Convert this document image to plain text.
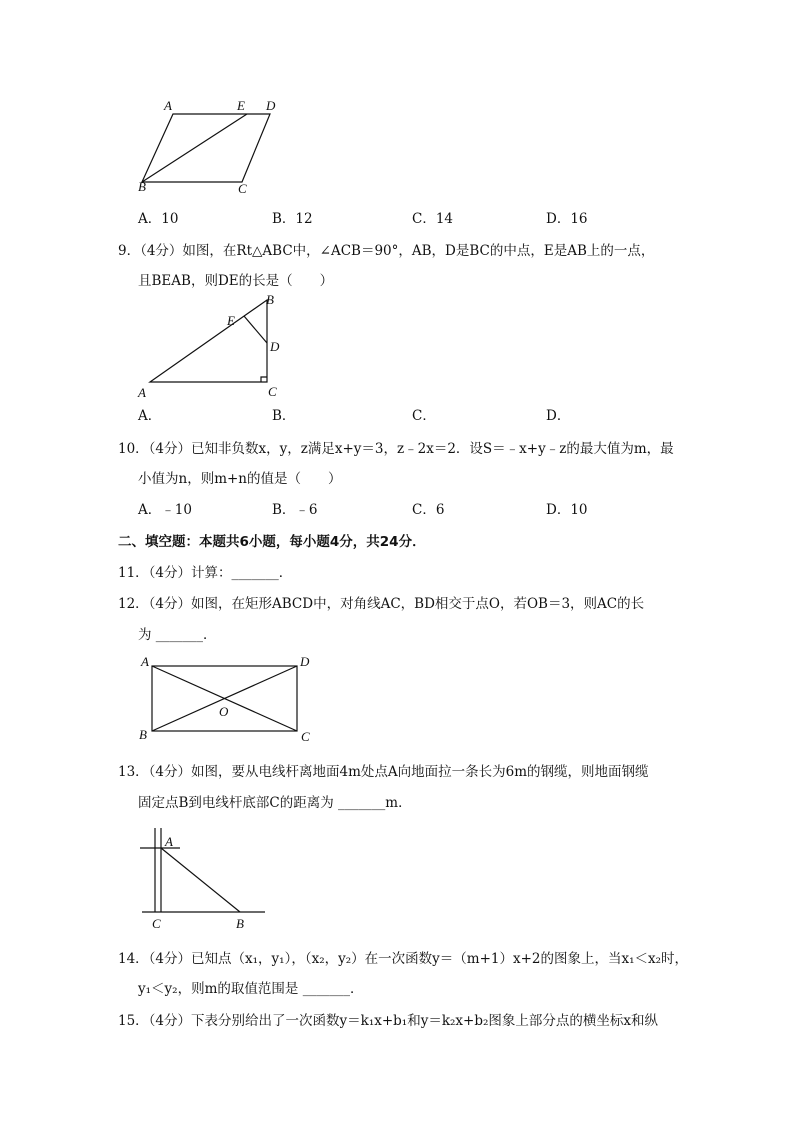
A	E D
B	C
A．10	B．12	C．14	D．16
9．（4分）如图，在Rt△ABC中，∠ACB＝90°，AB，D是BC的中点，E是AB上的一点，
且BEAB，则DE的长是（　　）
B
E
D
A	C
A．	B．	C．	D．
10．（4分）已知非负数x，y，z满足x+y＝3，z﹣2x＝2．设S＝﹣x+y﹣z的最大值为m，最
小值为n，则m+n的值是（　　）
A．﹣10	B．﹣6	C．6	D．10
二、填空题：本题共6小题，每小题4分，共24分．
11．（4分）计算：_______．
12．（4分）如图，在矩形ABCD中，对角线AC，BD相交于点O，若OB＝3，则AC的长
为 _______．
A	D
O
B	C
13．（4分）如图，要从电线杆离地面4m处点A向地面拉一条长为6m的钢缆，则地面钢缆
固定点B到电线杆底部C的距离为 _______m．
A
C	B
14．（4分）已知点（x₁，y₁），（x₂，y₂）在一次函数y＝（m+1）x+2的图象上，当x₁＜x₂时，
y₁＜y₂，则m的取值范围是 _______．
15．（4分）下表分别给出了一次函数y＝k₁x+b₁和y＝k₂x+b₂图象上部分点的横坐标x和纵
